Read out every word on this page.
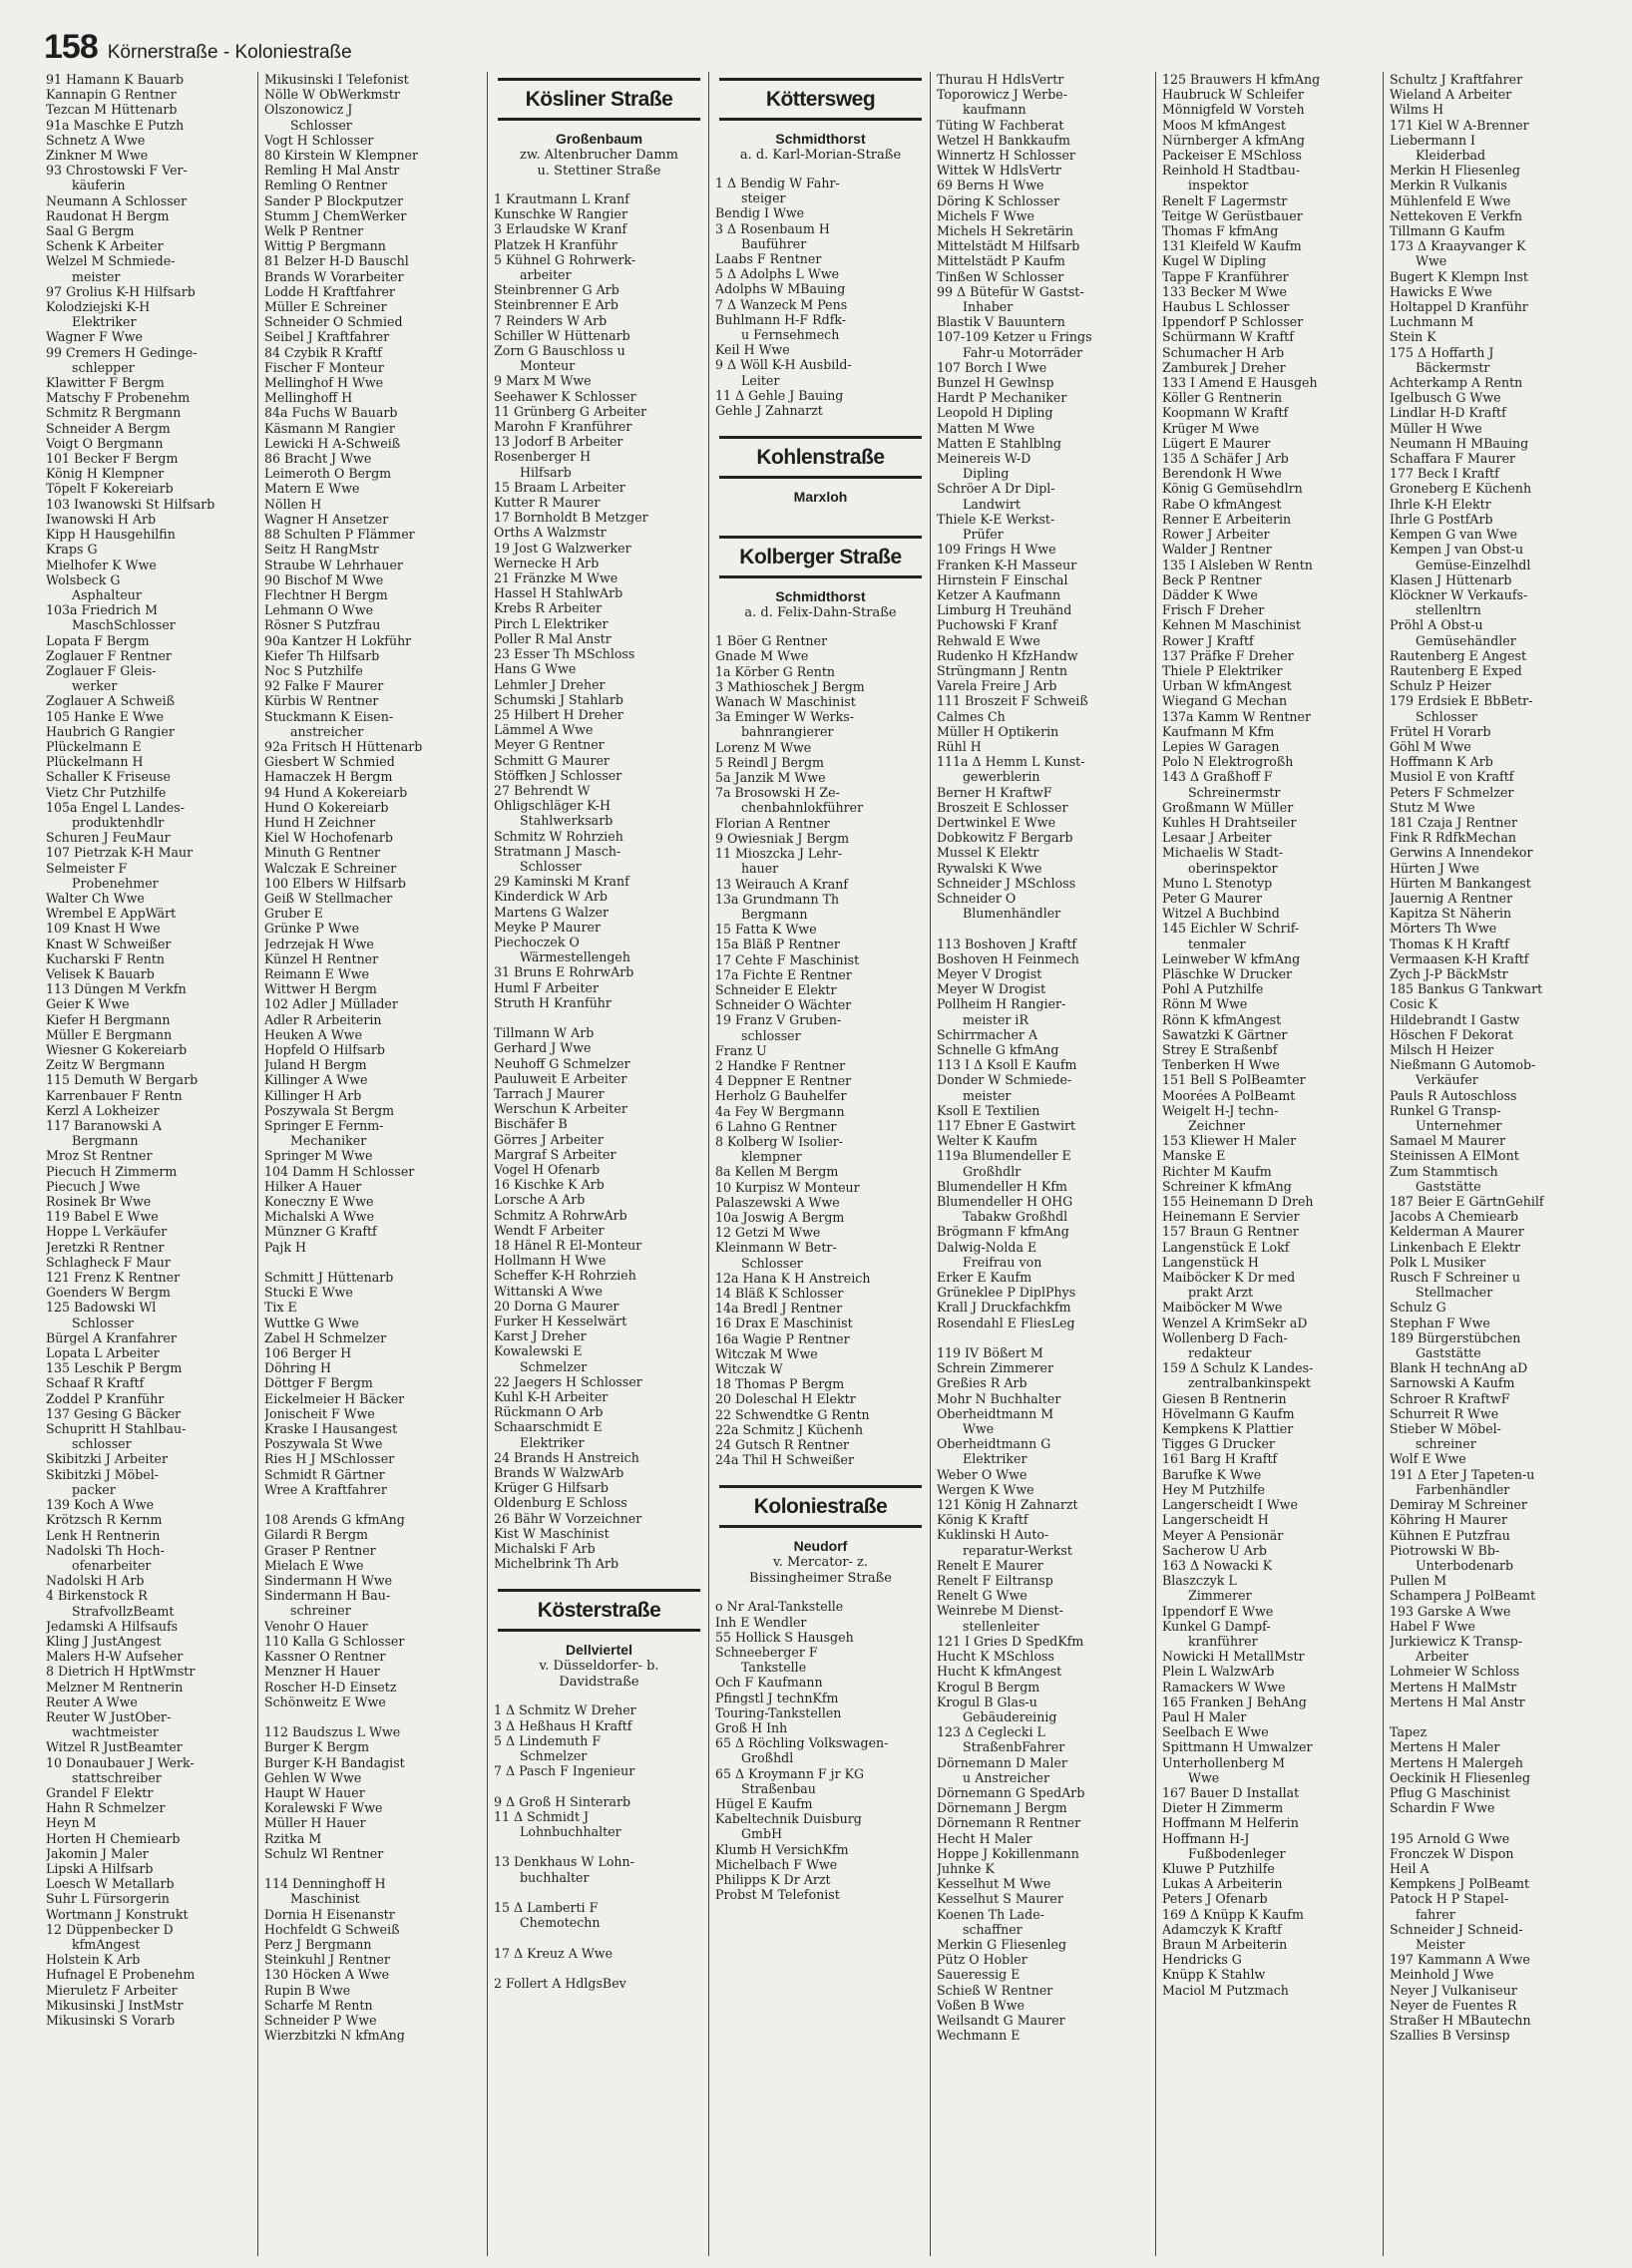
158 Körnerstraße - Koloniestraße
91 Hamann K Bauarb
Kannapin G Rentner
Tezcan M Hüttenarb
91a Maschke E Putzh
Schnetz A Wwe
Zinkner M Wwe
93 Chrostowski F Ver-
käuferin
Neumann A Schlosser
Raudonat H Bergm
Saal G Bergm
Schenk K Arbeiter
Welzel M Schmiede-
meister
97 Grolius K-H Hilfsarb
Kolodziejski K-H
Elektriker
Wagner F Wwe
99 Cremers H Gedinge-
schlepper
Klawitter F Bergm
Matschy F Probenehm
Schmitz R Bergmann
Schneider A Bergm
Voigt O Bergmann
101 Becker F Bergm
König H Klempner
Töpelt F Kokereiarb
103 Iwanowski St Hilfsarb
Iwanowski H Arb
Kipp H Hausgehilfin
Kraps G
Mielhofer K Wwe
Wolsbeck G
Asphalteur
103a Friedrich M
MaschSchlosser
Lopata F Bergm
Zoglauer F Rentner
Zoglauer F Gleis-
werker
Zoglauer A Schweiß
105 Hanke E Wwe
Haubrich G Rangier
Plückelmann E
Plückelmann H
Schaller K Friseuse
Vietz Chr Putzhilfe
105a Engel L Landes-
produktenhdlr
Schuren J FeuMaur
107 Pietrzak K-H Maur
Selmeister F
Probenehmer
Walter Ch Wwe
Wrembel E AppWärt
109 Knast H Wwe
Knast W Schweißer
Kucharski F Rentn
Velisek K Bauarb
113 Düngen M Verkfn
Geier K Wwe
Kiefer H Bergmann
Müller E Bergmann
Wiesner G Kokereiarb
Zeitz W Bergmann
115 Demuth W Bergarb
Karrenbauer F Rentn
Kerzl A Lokheizer
117 Baranowski A
Bergmann
Mroz St Rentner
Piecuch H Zimmerm
Piecuch J Wwe
Rosinek Br Wwe
119 Babel E Wwe
Hoppe L Verkäufer
Jeretzki R Rentner
Schlagheck F Maur
121 Frenz K Rentner
Goenders W Bergm
125 Badowski Wl
Schlosser
Bürgel A Kranfahrer
Lopata L Arbeiter
135 Leschik P Bergm
Schaaf R Kraftf
Zoddel P Kranführ
137 Gesing G Bäcker
Schupritt H Stahlbau-
schlosser
Skibitzki J Arbeiter
Skibitzki J Möbel-
packer
139 Koch A Wwe
Krötzsch R Kernm
Lenk H Rentnerin
Nadolski Th Hoch-
ofenarbeiter
Nadolski H Arb
4 Birkenstock R
StrafvollzBeamt
Jedamski A Hilfsaufs
Kling J JustAngest
Malers H-W Aufseher
8 Dietrich H HptWmstr
Melzner M Rentnerin
Reuter A Wwe
Reuter W JustOber-
wachtmeister
Witzel R JustBeamter
10 Donaubauer J Werk-
stattschreiber
Grandel F Elektr
Hahn R Schmelzer
Heyn M
Horten H Chemiearb
Jakomin J Maler
Lipski A Hilfsarb
Loesch W Metallarb
Suhr L Fürsorgerin
Wortmann J Konstrukt
12 Düppenbecker D
kfmAngest
Holstein K Arb
Hufnagel E Probenehm
Mieruletz F Arbeiter
Mikusinski J InstMstr
Mikusinski S Vorarb
Mikusinski I Telefonist
Nölle W ObWerkmstr
Olszonowicz J
Schlosser
Vogt H Schlosser
80 Kirstein W Klempner
Remling H Mal Anstr
Remling O Rentner
Sander P Blockputzer
Stumm J ChemWerker
Welk P Rentner
Wittig P Bergmann
81 Belzer H-D Bauschl
Brands W Vorarbeiter
Lodde H Kraftfahrer
Müller E Schreiner
Schneider O Schmied
Seibel J Kraftfahrer
84 Czybik R Kraftf
Fischer F Monteur
Mellinghof H Wwe
Mellinghoff H
84a Fuchs W Bauarb
Käsmann M Rangier
Lewicki H A-Schweiß
86 Bracht J Wwe
Leimeroth O Bergm
Matern E Wwe
Nöllen H
Wagner H Ansetzer
88 Schulten P Flämmer
Seitz H RangMstr
Straube W Lehrhauer
90 Bischof M Wwe
Flechtner H Bergm
Lehmann O Wwe
Rösner S Putzfrau
90a Kantzer H Lokführ
Kiefer Th Hilfsarb
Noc S Putzhilfe
92 Falke F Maurer
Kürbis W Rentner
Stuckmann K Eisen-
anstreicher
92a Fritsch H Hüttenarb
Giesbert W Schmied
Hamaczek H Bergm
94 Hund A Kokereiarb
Hund O Kokereiarb
Hund H Zeichner
Kiel W Hochofenarb
Minuth G Rentner
Walczak E Schreiner
100 Elbers W Hilfsarb
Geiß W Stellmacher
Gruber E
Grünke P Wwe
Jedrzejak H Wwe
Künzel H Rentner
Reimann E Wwe
Wittwer H Bergm
102 Adler J Müllader
Adler R Arbeiterin
Heuken A Wwe
Hopfeld O Hilfsarb
Juland H Bergm
Killinger A Wwe
Killinger H Arb
Poszywala St Bergm
Springer E Fernm-
Mechaniker
Springer M Wwe
104 Damm H Schlosser
Hilker A Hauer
Koneczny E Wwe
Michalski A Wwe
Münzner G Kraftf
Pajk H
Schmitt J Hüttenarb
Stucki E Wwe
Tix E
Wuttke G Wwe
Zabel H Schmelzer
106 Berger H
Döhring H
Döttger F Bergm
Eickelmeier H Bäcker
Jonischeit F Wwe
Kraske I Hausangest
Poszywala St Wwe
Ries H J MSchlosser
Schmidt R Gärtner
Wree A Kraftfahrer
108 Arends G kfmAng
Gilardi R Bergm
Graser P Rentner
Mielach E Wwe
Sindermann H Wwe
Sindermann H Bau-
schreiner
Venohr O Hauer
110 Kalla G Schlosser
Kassner O Rentner
Menzner H Hauer
Roscher H-D Einsetz
Schönweitz E Wwe
112 Baudszus L Wwe
Burger K Bergm
Burger K-H Bandagist
Gehlen W Wwe
Haupt W Hauer
Koralewski F Wwe
Müller H Hauer
Rzitka M
Schulz Wl Rentner
114 Denninghoff H
Maschinist
Dornia H Eisenanstr
Hochfeldt G Schweiß
Perz J Bergmann
Steinkuhl J Rentner
130 Höcken A Wwe
Rupin B Wwe
Scharfe M Rentn
Schneider P Wwe
Wierzbitzki N kfmAng
Kösliner Straße
Großenbaum
zw. Altenbrucher Damm
u. Stettiner Straße
1 Krautmann L Kranf
Kunschke W Rangier
3 Erlaudske W Kranf
Platzek H Kranführ
5 Kühnel G Rohrwerk-
arbeiter
Steinbrenner G Arb
Steinbrenner E Arb
7 Reinders W Arb
Schiller W Hüttenarb
Zorn G Bauschloss u
Monteur
9 Marx M Wwe
Seehawer K Schlosser
11 Grünberg G Arbeiter
Marohn F Kranführer
13 Jodorf B Arbeiter
Rosenberger H
Hilfsarb
15 Braam L Arbeiter
Kutter R Maurer
17 Bornholdt B Metzger
Orths A Walzmstr
19 Jost G Walzwerker
Wernecke H Arb
21 Fränzke M Wwe
Hassel H StahlwArb
Krebs R Arbeiter
Pirch L Elektriker
Poller R Mal Anstr
23 Esser Th MSchloss
Hans G Wwe
Lehmler J Dreher
Schumski J Stahlarb
25 Hilbert H Dreher
Lämmel A Wwe
Meyer G Rentner
Schmitt G Maurer
Stöffken J Schlosser
27 Behrendt W
Ohligschläger K-H
Stahlwerksarb
Schmitz W Rohrzieh
Stratmann J Masch-
Schlosser
29 Kaminski M Kranf
Kinderdick W Arb
Martens G Walzer
Meyke P Maurer
Piechoczek O
Wärmestellengeh
31 Bruns E RohrwArb
Huml F Arbeiter
Struth H Kranführ
Tillmann W Arb
Gerhard J Wwe
Neuhoff G Schmelzer
Pauluweit E Arbeiter
Tarrach J Maurer
Werschun K Arbeiter
Bischäfer B
Görres J Arbeiter
Margraf S Arbeiter
Vogel H Ofenarb
16 Kischke K Arb
Lorsche A Arb
Schmitz A RohrwArb
Wendt F Arbeiter
18 Hänel R El-Monteur
Hollmann H Wwe
Scheffer K-H Rohrzieh
Wittanski A Wwe
20 Dorna G Maurer
Furker H Kesselwärt
Karst J Dreher
Kowalewski E
Schmelzer
22 Jaegers H Schlosser
Kuhl K-H Arbeiter
Rückmann O Arb
Schaarschmidt E
Elektriker
24 Brands H Anstreich
Brands W WalzwArb
Krüger G Hilfsarb
Oldenburg E Schloss
26 Bähr W Vorzeichner
Kist W Maschinist
Michalski F Arb
Michelbrink Th Arb
Kösterstraße
Dellviertel
v. Düsseldorfer- b.
Davidstraße
1 Δ Schmitz W Dreher
3 Δ Heßhaus H Kraftf
5 Δ Lindemuth F
Schmelzer
7 Δ Pasch F Ingenieur
9 Δ Groß H Sinterarb
11 Δ Schmidt J
Lohnbuchhalter
13 Denkhaus W Lohn-
buchhalter
15 Δ Lamberti F
Chemotechn
17 Δ Kreuz A Wwe
2 Follert A HdlgsBev
Köttersweg
Schmidthorst
a. d. Karl-Morian-Straße
1 Δ Bendig W Fahr-
steiger
Bendig I Wwe
3 Δ Rosenbaum H
Bauführer
Laabs F Rentner
5 Δ Adolphs L Wwe
Adolphs W MBauing
7 Δ Wanzeck M Pens
Buhlmann H-F Rdfk-
u Fernsehmech
Keil H Wwe
9 Δ Wöll K-H Ausbild-
Leiter
11 Δ Gehle J Bauing
Gehle J Zahnarzt
Kohlenstraße
Marxloh
Kolberger Straße
Schmidthorst
a. d. Felix-Dahn-Straße
1 Böer G Rentner
Gnade M Wwe
1a Körber G Rentn
3 Mathioschek J Bergm
Wanach W Maschinist
3a Eminger W Werks-
bahnrangierer
Lorenz M Wwe
5 Reindl J Bergm
5a Janzik M Wwe
7a Brosowski H Ze-
chenbahnlokführer
Florian A Rentner
9 Owiesniak J Bergm
11 Mioszcka J Lehr-
hauer
13 Weirauch A Kranf
13a Grundmann Th
Bergmann
15 Fatta K Wwe
15a Bläß P Rentner
17 Cehte F Maschinist
17a Fichte E Rentner
Schneider E Elektr
Schneider O Wächter
19 Franz V Gruben-
schlosser
Franz U
2 Handke F Rentner
4 Deppner E Rentner
Herholz G Bauhelfer
4a Fey W Bergmann
6 Lahno G Rentner
8 Kolberg W Isolier-
klempner
8a Kellen M Bergm
10 Kurpisz W Monteur
Palaszewski A Wwe
10a Joswig A Bergm
12 Getzi M Wwe
Kleinmann W Betr-
Schlosser
12a Hana K H Anstreich
14 Bläß K Schlosser
14a Bredl J Rentner
16 Drax E Maschinist
16a Wagiе P Rentner
Witczak M Wwe
Witczak W
18 Thomas P Bergm
20 Doleschal H Elektr
22 Schwendtke G Rentn
22a Schmitz J Küchenh
24 Gutsch R Rentner
24a Thil H Schweißer
Koloniestraße
Neudorf
v. Mercator- z.
Bissingheimer Straße
o Nr Aral-Tankstelle
Inh E Wendler
55 Hollick S Hausgeh
Schneeberger F
Tankstelle
Och F Kaufmann
Pfingstl J technKfm
Touring-Tankstellen
Groß H Inh
65 Δ Röchling Volkswagen-
Großhdl
65 Δ Kroymann F jr KG
Straßenbau
Hügel E Kaufm
Kabeltechnik Duisburg
GmbH
Klumb H VersichKfm
Michelbach F Wwe
Philipps K Dr Arzt
Probst M Telefonist
Thurau H HdlsVertr
Toporowicz J Werbe-
kaufmann
Tüting W Fachberat
Wetzel H Bankkaufm
Winnertz H Schlosser
Wittek W HdlsVertr
69 Berns H Wwe
Döring K Schlosser
Michels F Wwe
Michels H Sekretärin
Mittelstädt M Hilfsarb
Mittelstädt P Kaufm
Tinßen W Schlosser
99 Δ Bütefür W Gastst-
Inhaber
Blastik V Bauuntern
107-109 Ketzer u Frings
Fahr-u Motorräder
107 Borch I Wwe
Bunzel H Gewlnsp
Hardt P Mechaniker
Leopold H Dipling
Matten M Wwe
Matten E Stahlblng
Meinereis W-D
Dipling
Schröer A Dr Dipl-
Landwirt
Thiele K-E Werkst-
Prüfer
109 Frings H Wwe
Franken K-H Masseur
Hirnstein F Einschal
Ketzer A Kaufmann
Limburg H Treuhänd
Puchowski F Kranf
Rehwald E Wwe
Rudenko H KfzHandw
Strüngmann J Rentn
Varela Freire J Arb
111 Broszeit F Schweiß
Calmes Ch
Müller H Optikerin
Rühl H
111a Δ Hemm L Kunst-
gewerblerin
Berner H KraftwF
Broszeit E Schlosser
Dertwinkel E Wwe
Dobkowitz F Bergarb
Mussel K Elektr
Rywalski K Wwe
Schneider J MSchloss
Schneider O
Blumenhändler
113 Boshoven J Kraftf
Boshoven H Feinmech
Meyer V Drogist
Meyer W Drogist
Pollheim H Rangier-
meister iR
Schirrmacher A
Schnelle G kfmAng
113 I Δ Ksoll E Kaufm
Donder W Schmiede-
meister
Ksoll E Textilien
117 Ebner E Gastwirt
Welter K Kaufm
119a Blumendeller E
Großhdlr
Blumendeller H Kfm
Blumendeller H OHG
Tabakw Großhdl
Brögmann F kfmAng
Dalwig-Nolda E
Freifrau von
Erker E Kaufm
Grüneklee P DiplPhys
Krall J Druckfachkfm
Rosendahl E FliesLeg
119 IV Bößert M
Schrein Zimmerer
Greßies R Arb
Mohr N Buchhalter
Oberheidtmann M
Wwe
Oberheidtmann G
Elektriker
Weber O Wwe
Wergen K Wwe
121 König H Zahnarzt
König K Kraftf
Kuklinski H Auto-
reparatur-Werkst
Renelt E Maurer
Renelt F Eiltransp
Renelt G Wwe
Weinrebe M Dienst-
stellenleiter
121 I Gries D SpedKfm
Hucht K MSchloss
Hucht K kfmAngest
Krogul B Bergm
Krogul B Glas-u
Gebäudereinig
123 Δ Ceglecki L
StraßenbFahrer
Dörnemann D Maler
u Anstreicher
Dörnemann G SpedArb
Dörnemann J Bergm
Dörnemann R Rentner
Hecht H Maler
Hoppe J Kokillenmann
Juhnke K
Kesselhut M Wwe
Kesselhut S Maurer
Koenen Th Lade-
schaffner
Merkin G Fliesenleg
Pütz O Hobler
Saueressig E
Schieß W Rentner
Voßen B Wwe
Weilsandt G Maurer
Wechmann E
125 Brauwers H kfmAng
Haubruck W Schleifer
Mönnigfeld W Vorsteh
Moos M kfmAngest
Nürnberger A kfmAng
Packeiser E MSchloss
Reinhold H Stadtbau-
inspektor
Renelt F Lagermstr
Teitge W Gerüstbauer
Thomas F kfmAng
131 Kleifeld W Kaufm
Kugel W Dipling
Tappe F Kranführer
133 Becker M Wwe
Haubus L Schlosser
Ippendorf P Schlosser
Schürmann W Kraftf
Schumacher H Arb
Zamburek J Dreher
133 I Amend E Hausgeh
Köller G Rentnerin
Koopmann W Kraftf
Krüger M Wwe
Lügert E Maurer
135 Δ Schäfer J Arb
Berendonk H Wwe
König G Gemüsehdlrn
Rabe O kfmAngest
Renner E Arbeiterin
Rower J Arbeiter
Walder J Rentner
135 I Alsleben W Rentn
Beck P Rentner
Dädder K Wwe
Frisch F Dreher
Kehnen M Maschinist
Rower J Kraftf
137 Präfke F Dreher
Thiele P Elektriker
Urban W kfmAngest
Wiegand G Mechan
137a Kamm W Rentner
Kaufmann M Kfm
Lepies W Garagen
Polo N Elektrogroßh
143 Δ Graßhoff F
Schreinermstr
Großmann W Müller
Kuhles H Drahtseiler
Lesaar J Arbeiter
Michaelis W Stadt-
oberinspektor
Muno L Stenotyp
Peter G Maurer
Witzel A Buchbind
145 Eichler W Schrif-
tenmaler
Leinweber W kfmAng
Pläschke W Drucker
Pohl A Putzhilfe
Rönn M Wwe
Rönn K kfmAngest
Sawatzki K Gärtner
Strey E Straßenbf
Tenberken H Wwe
151 Bell S PolBeamter
Moorées A PolBeamt
Weigelt H-J techn-
Zeichner
153 Kliewer H Maler
Manske E
Richter M Kaufm
Schreiner K kfmAng
155 Heinemann D Dreh
Heinemann E Servier
157 Braun G Rentner
Langenstück E Lokf
Langenstück H
Maiböcker K Dr med
prakt Arzt
Maiböcker M Wwe
Wenzel A KrimSekr aD
Wollenberg D Fach-
redakteur
159 Δ Schulz K Landes-
zentralbankinspekt
Giesen B Rentnerin
Hövelmann G Kaufm
Kempkens K Plattier
Tigges G Drucker
161 Barg H Kraftf
Barufke K Wwe
Hey M Putzhilfe
Langerscheidt I Wwe
Langerscheidt H
Meyer A Pensionär
Sacherow U Arb
163 Δ Nowacki K
Blaszczyk L
Zimmerer
Ippendorf E Wwe
Kunkel G Dampf-
kranführer
Nowicki H MetallMstr
Plein L WalzwArb
Ramackers W Wwe
165 Franken J BehAng
Paul H Maler
Seelbach E Wwe
Spittmann H Umwalzer
Unterhollenberg M
Wwe
167 Bauer D Installat
Dieter H Zimmerm
Hoffmann M Helferin
Hoffmann H-J
Fußbodenleger
Kluwe P Putzhilfe
Lukas A Arbeiterin
Peters J Ofenarb
169 Δ Knüpp K Kaufm
Adamczyk K Kraftf
Braun M Arbeiterin
Hendricks G
Knüpp K Stahlw
Maciol M Putzmach
Schultz J Kraftfahrer
Wieland A Arbeiter
Wilms H
171 Kiel W A-Brenner
Liebermann I
Kleiderbad
Merkin H Fliesenleg
Merkin R Vulkanis
Mühlenfeld E Wwe
Nettekoven E Verkfn
Tillmann G Kaufm
173 Δ Kraayvanger K
Wwe
Bugert K Klempn Inst
Hawicks E Wwe
Holtappel D Kranführ
Luchmann M
Stein K
175 Δ Hoffarth J
Bäckermstr
Achterkamp A Rentn
Igelbusch G Wwe
Lindlar H-D Kraftf
Müller H Wwe
Neumann H MBauing
Schaffara F Maurer
177 Beck I Kraftf
Groneberg E Küchenh
Ihrle K-H Elektr
Ihrle G PostfArb
Kempen G van Wwe
Kempen J van Obst-u
Gemüse-Einzelhdl
Klasen J Hüttenarb
Klöckner W Verkaufs-
stellenltrn
Pröhl A Obst-u
Gemüsehändler
Rautenberg E Angest
Rautenberg E Exped
Schulz P Heizer
179 Erdsiek E BbBetr-
Schlosser
Frütel H Vorarb
Göhl M Wwe
Hoffmann K Arb
Musiol E von Kraftf
Peters F Schmelzer
Stutz M Wwe
181 Czaja J Rentner
Fink R RdfkMechan
Gerwins A Innendekor
Hürten J Wwe
Hürten M Bankangest
Jauernig A Rentner
Kapitza St Näherin
Mörters Th Wwe
Thomas K H Kraftf
Vermaasen K-H Kraftf
Zych J-P BäckMstr
185 Bankus G Tankwart
Cosic K
Hildebrandt I Gastw
Höschen F Dekorat
Milsch H Heizer
Nießmann G Automob-
Verkäufer
Pauls R Autoschloss
Runkel G Transp-
Unternehmer
Samael M Maurer
Steinissen A ElMont
Zum Stammtisch
Gaststätte
187 Beier E GärtnGehilf
Jacobs A Chemiearb
Kelderman A Maurer
Linkenbach E Elektr
Polk L Musiker
Rusch F Schreiner u
Stellmacher
Schulz G
Stephan F Wwe
189 Bürgerstübchen
Gaststätte
Blank H technAng aD
Sarnowski A Kaufm
Schroer R KraftwF
Schurreit R Wwe
Stieber W Möbel-
schreiner
Wolf E Wwe
191 Δ Eter J Tapeten-u
Farbenhändler
Demiray M Schreiner
Köhring H Maurer
Kühnen E Putzfrau
Piotrowski W Bb-
Unterbodenarb
Pullen M
Schampera J PolBeamt
193 Garske A Wwe
Habel F Wwe
Jurkiewicz K Transp-
Arbeiter
Lohmeier W Schloss
Mertens H MalMstr
Mertens H Mal Anstr
Tapez
Mertens H Maler
Mertens H Malergeh
Oeckinik H Fliesenleg
Pflug G Maschinist
Schardin F Wwe
195 Arnold G Wwe
Fronczek W Dispon
Heil A
Kempkens J PolBeamt
Patock H P Stapel-
fahrer
Schneider J Schneid-
Meister
197 Kammann A Wwe
Meinhold J Wwe
Neyer J Vulkaniseur
Neyer de Fuentes R
Straßer H MBautechn
Szallies B Versinsp
